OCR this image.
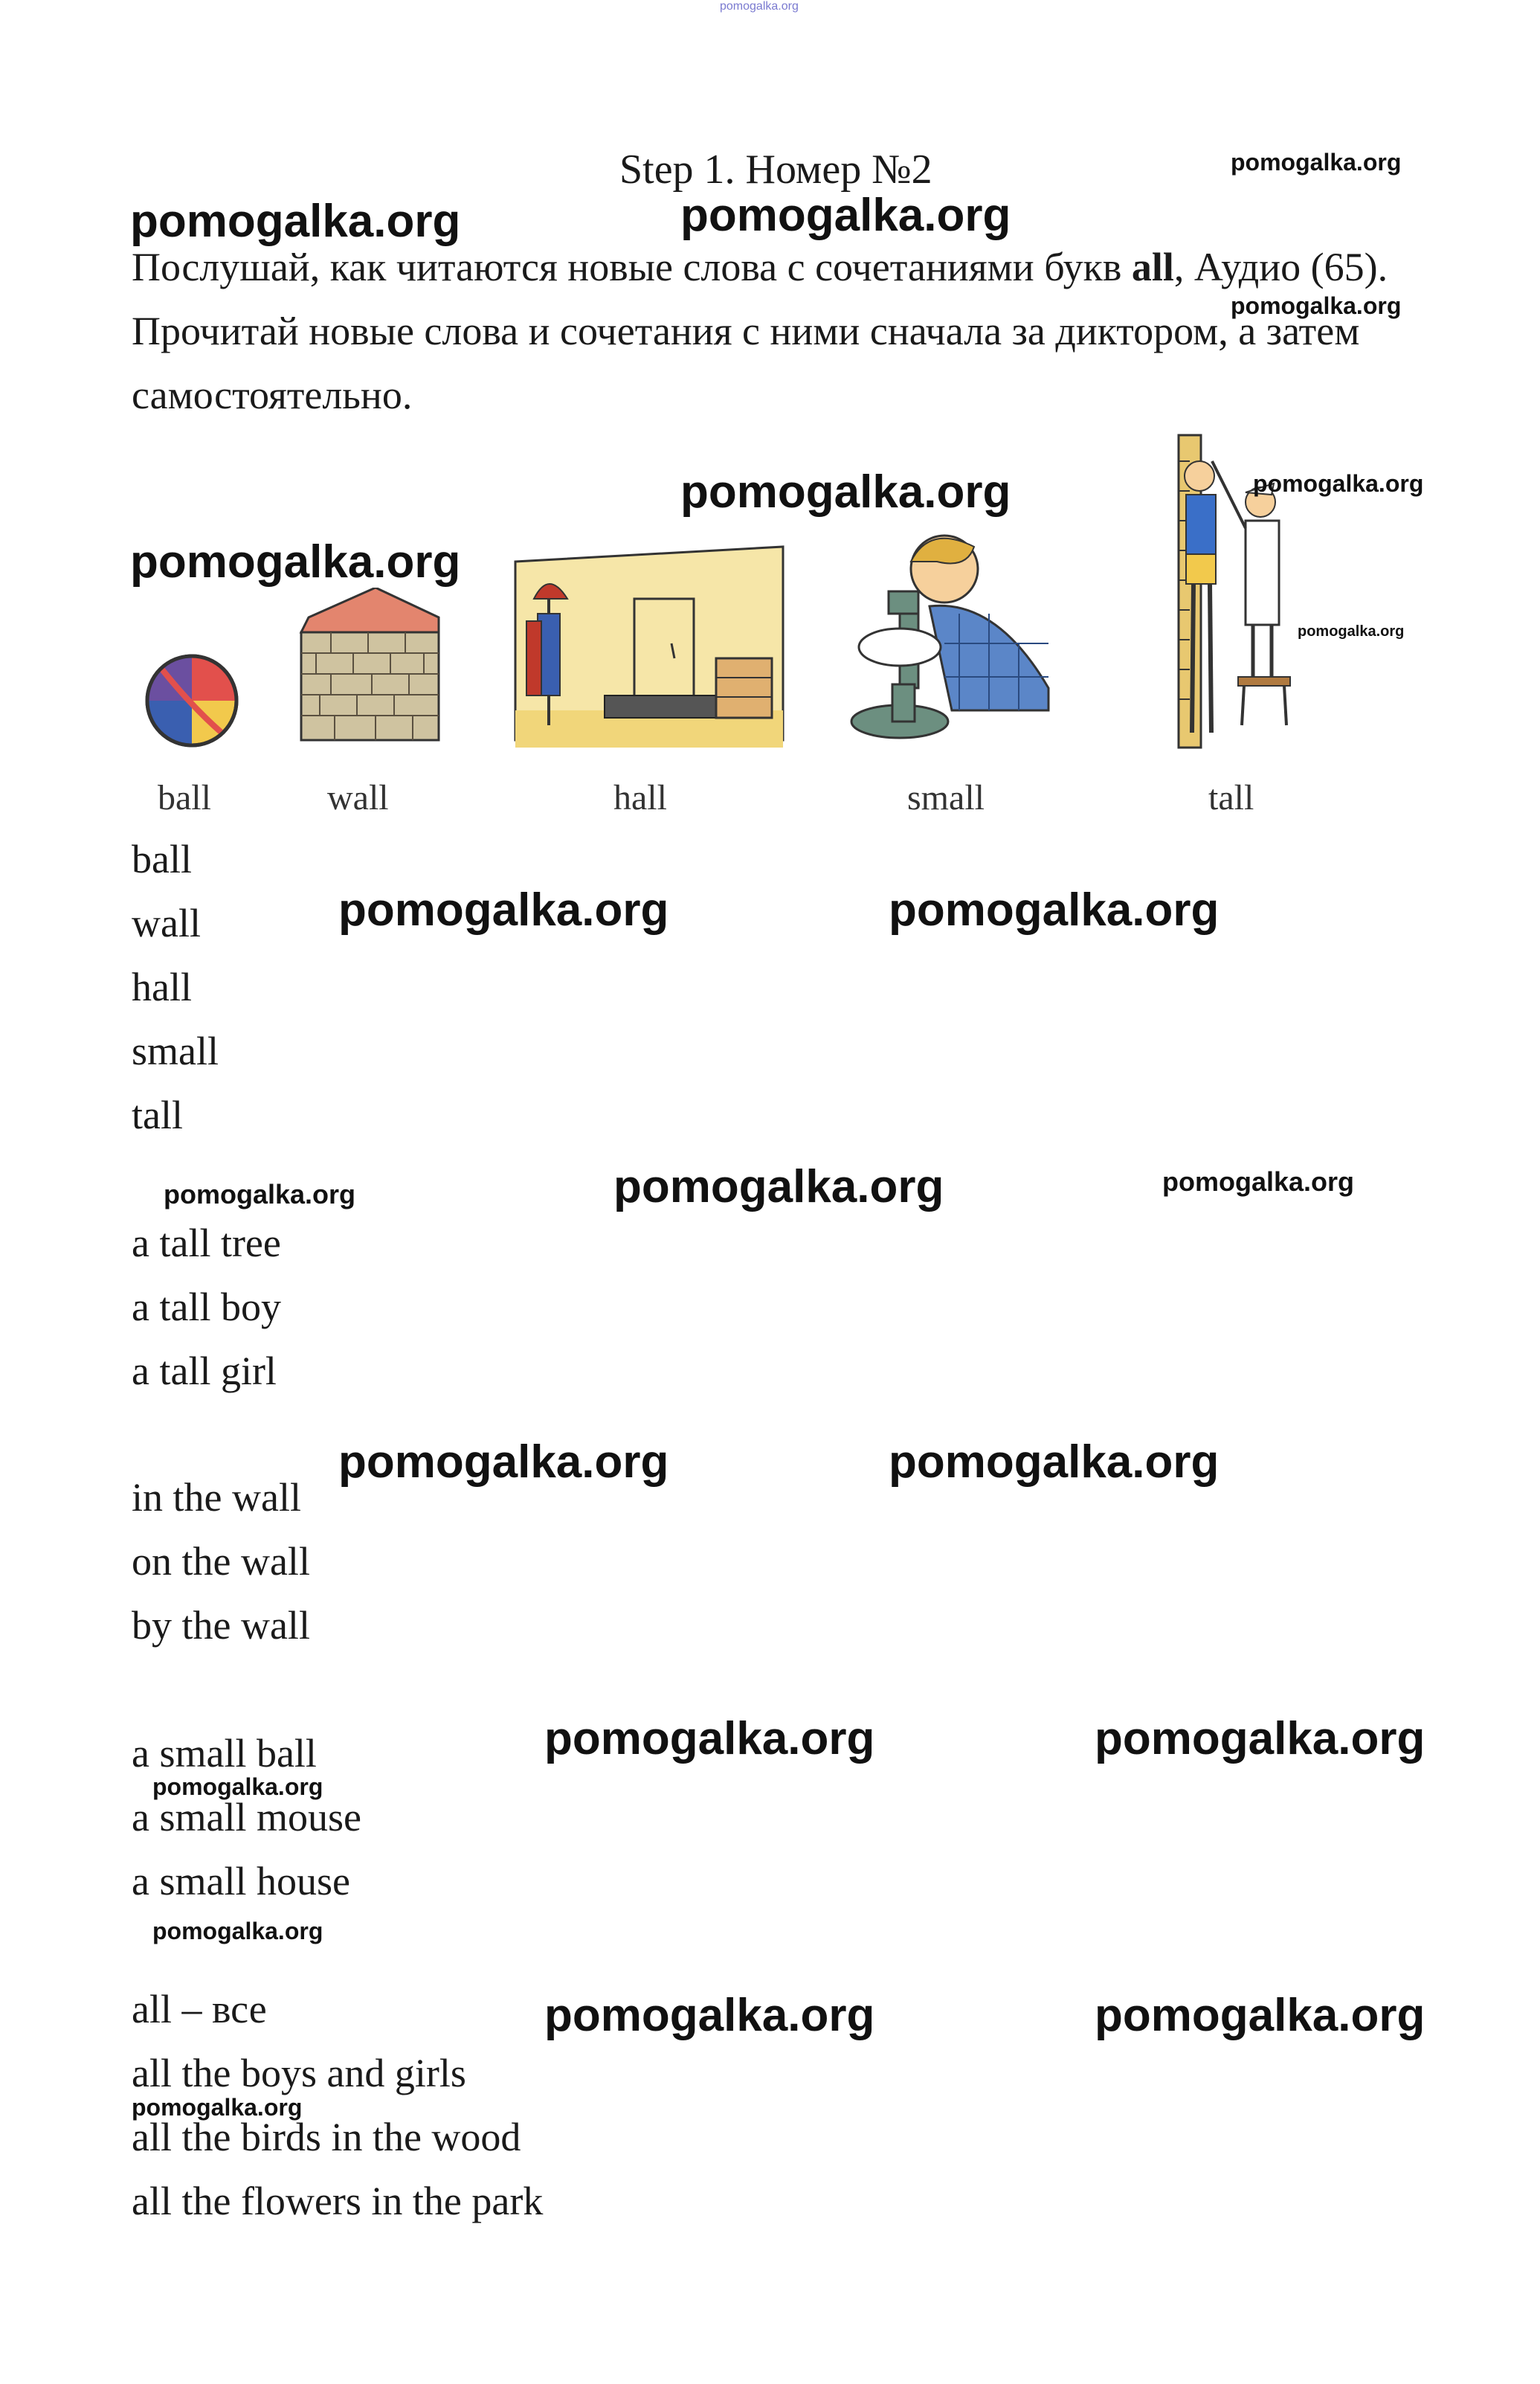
pomogalka.org
Step 1. Номер №2
Послушай, как читаются новые слова с сочетаниями букв all, Аудио (65). Прочитай новые слова и сочетания с ними сначала за диктором, а затем самостоятельно.
ball	wall	hall	small	tall
ball
wall
hall
small
tall
a tall tree
a tall boy
a tall girl
in the wall
on the wall
by the wall
a small ball
a small mouse
a small house
all – все
all the boys and girls
all the birds in the wood
all the flowers in the park
pomogalka.org
pomogalka.org	pomogalka.org
pomogalka.org
pomogalka.org	pomogalka.org
pomogalka.org
pomogalka.org
pomogalka.org	pomogalka.org
pomogalka.org	pomogalka.org	pomogalka.org
pomogalka.org	pomogalka.org
pomogalka.org	pomogalka.org
pomogalka.org
pomogalka.org
pomogalka.org	pomogalka.org
pomogalka.org
